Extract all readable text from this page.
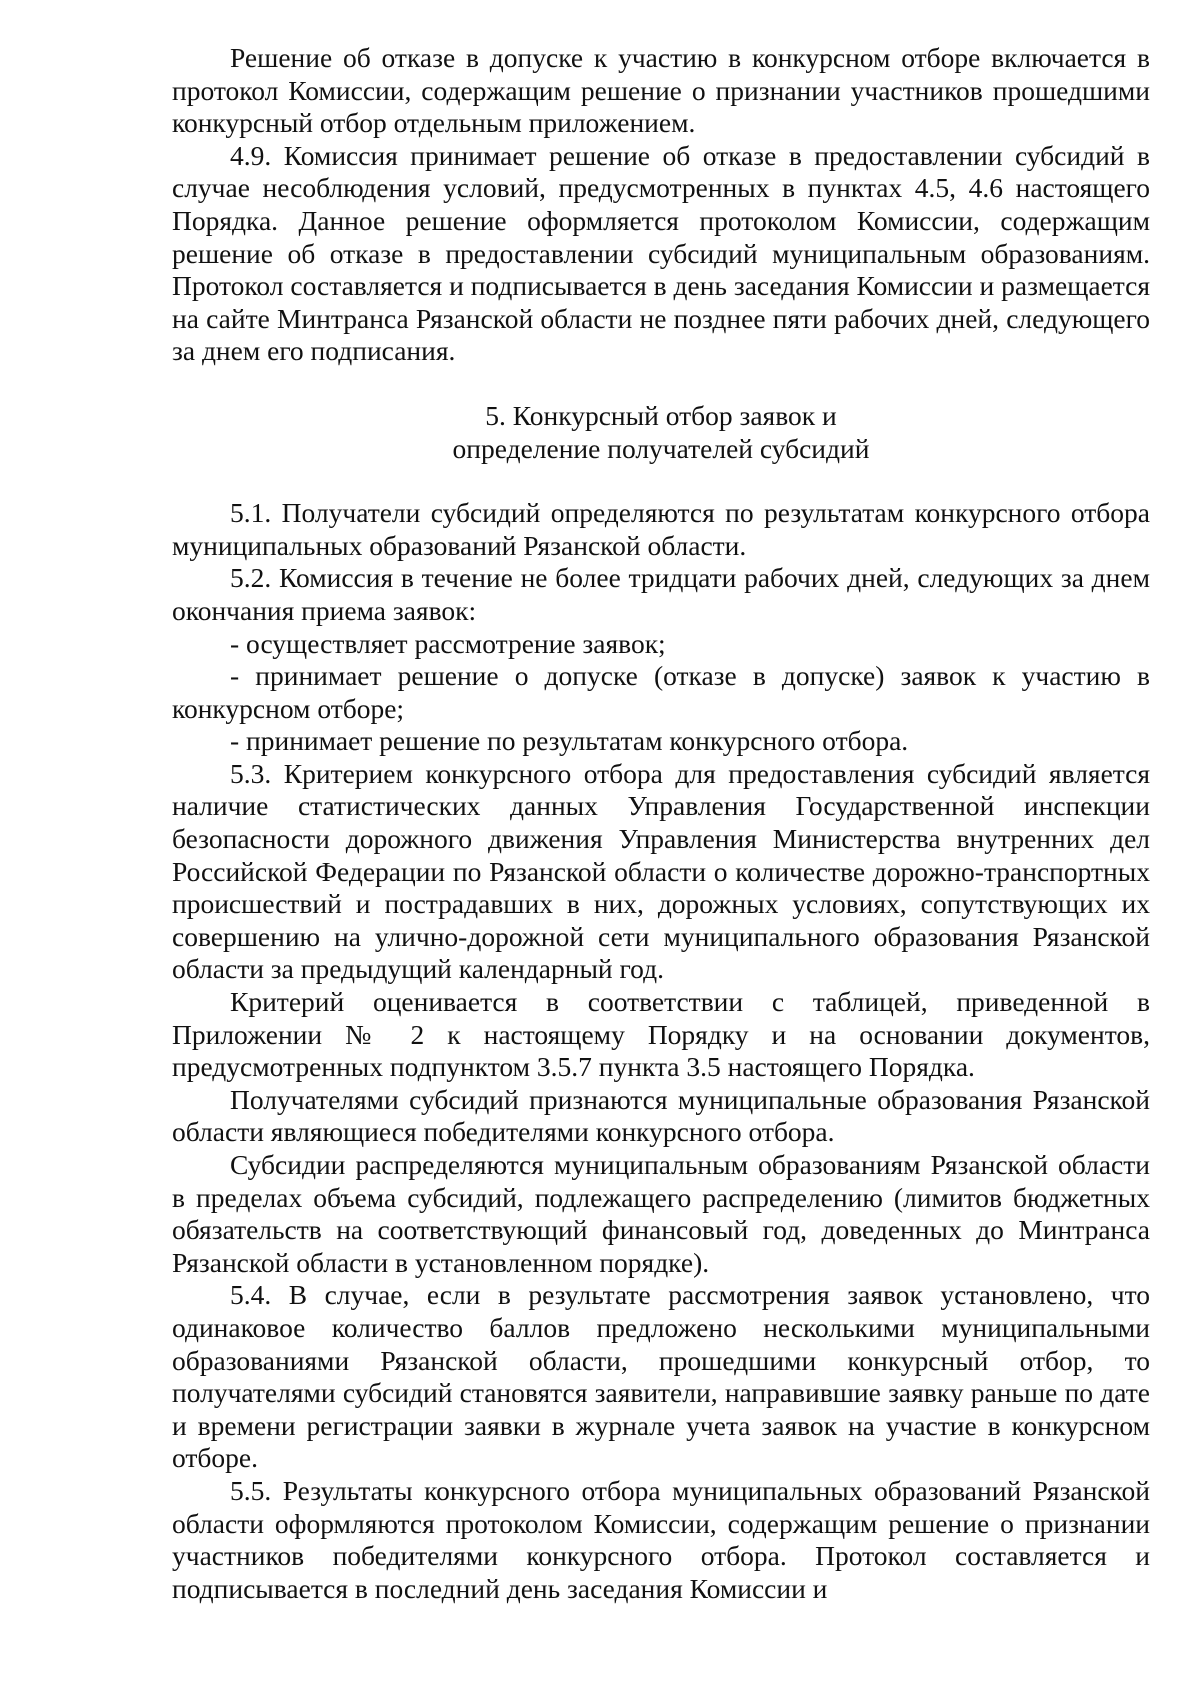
Решение об отказе в допуске к участию в конкурсном отборе включается в протокол Комиссии, содержащим решение о признании участников прошедшими конкурсный отбор отдельным приложением.

4.9. Комиссия принимает решение об отказе в предоставлении субсидий в случае несоблюдения условий, предусмотренных в пунктах 4.5, 4.6 настоящего Порядка. Данное решение оформляется протоколом Комиссии, содержащим решение об отказе в предоставлении субсидий муниципальным образованиям. Протокол составляется и подписывается в день заседания Комиссии и размещается на сайте Минтранса Рязанской области не позднее пяти рабочих дней, следующего за днем его подписания.

5. Конкурсный отбор заявок и

определение получателей субсидий

5.1. Получатели субсидий определяются по результатам конкурсного отбора муниципальных образований Рязанской области.

5.2. Комиссия в течение не более тридцати рабочих дней, следующих за днем окончания приема заявок:

- осуществляет рассмотрение заявок;

- принимает решение о допуске (отказе в допуске) заявок к участию в конкурсном отборе;

- принимает решение по результатам конкурсного отбора.

5.3. Критерием конкурсного отбора для предоставления субсидий является наличие статистических данных Управления Государственной инспекции безопасности дорожного движения Управления Министерства внутренних дел Российской Федерации по Рязанской области о количестве дорожно-транспортных происшествий и пострадавших в них, дорожных условиях, сопутствующих их совершению на улично-дорожной сети муниципального образования Рязанской области за предыдущий календарный год.

Критерий оценивается в соответствии с таблицей, приведенной в Приложении № 2 к настоящему Порядку и на основании документов, предусмотренных подпунктом 3.5.7 пункта 3.5 настоящего Порядка.

Получателями субсидий признаются муниципальные образования Рязанской области являющиеся победителями конкурсного отбора.

Субсидии распределяются муниципальным образованиям Рязанской области в пределах объема субсидий, подлежащего распределению (лимитов бюджетных обязательств на соответствующий финансовый год, доведенных до Минтранса Рязанской области в установленном порядке).

5.4. В случае, если в результате рассмотрения заявок установлено, что одинаковое количество баллов предложено несколькими муниципальными образованиями Рязанской области, прошедшими конкурсный отбор, то получателями субсидий становятся заявители, направившие заявку раньше по дате и времени регистрации заявки в журнале учета заявок на участие в конкурсном отборе.

5.5. Результаты конкурсного отбора муниципальных образований Рязанской области оформляются протоколом Комиссии, содержащим решение о признании участников победителями конкурсного отбора. Протокол составляется и подписывается в последний день заседания Комиссии и
